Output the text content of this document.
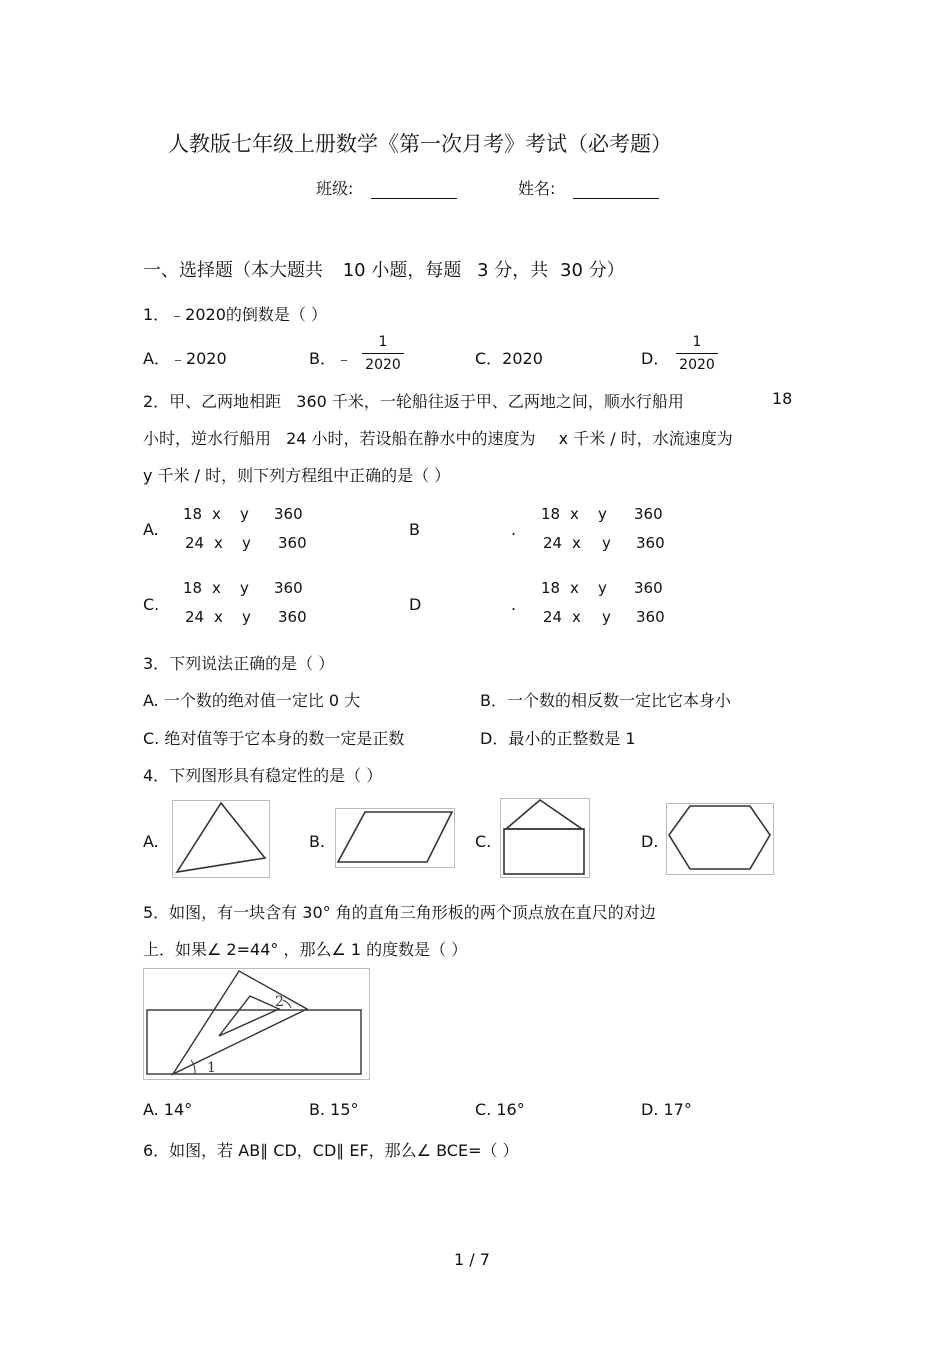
人教版七年级上册数学《第一次月考》考试（必考题）
班级:	姓名:
一、选择题（本大题共 10 小题，每题 3 分，共 30 分）
1．﹣2020的倒数是（ ）
A．﹣2020	B．﹣
1
2020	C．2020	D．
1
2020
2．甲、乙两地相距 360 千米，一轮船往返于甲、乙两地之间，顺水行船用	18
小时，逆水行船用 24 小时，若设船在静水中的速度为 x 千米 / 时，水流速度为
y 千米 / 时，则下列方程组中正确的是（ ）
A.
18 x y 360
24 x y 360
B	.
18 x y 360
24 x y 360
C.
18 x y 360
24 x y 360
D	.
18 x y 360
24 x y 360
3．下列说法正确的是（ ）
A. 一个数的绝对值一定比 0 大	B．一个数的相反数一定比它本身小
C. 绝对值等于它本身的数一定是正数	D．最小的正整数是 1
4．下列图形具有稳定性的是（ ）
A.	B.	C.	D.
5．如图，有一块含有 30° 角的直角三角形板的两个顶点放在直尺的对边
上．如果∠ 2=44° ，那么∠ 1 的度数是（ ）
1
2
A. 14°	B. 15°	C. 16°	D. 17°
6．如图，若 AB∥ CD，CD∥ EF，那么∠ BCE=（ ）
1 / 7
